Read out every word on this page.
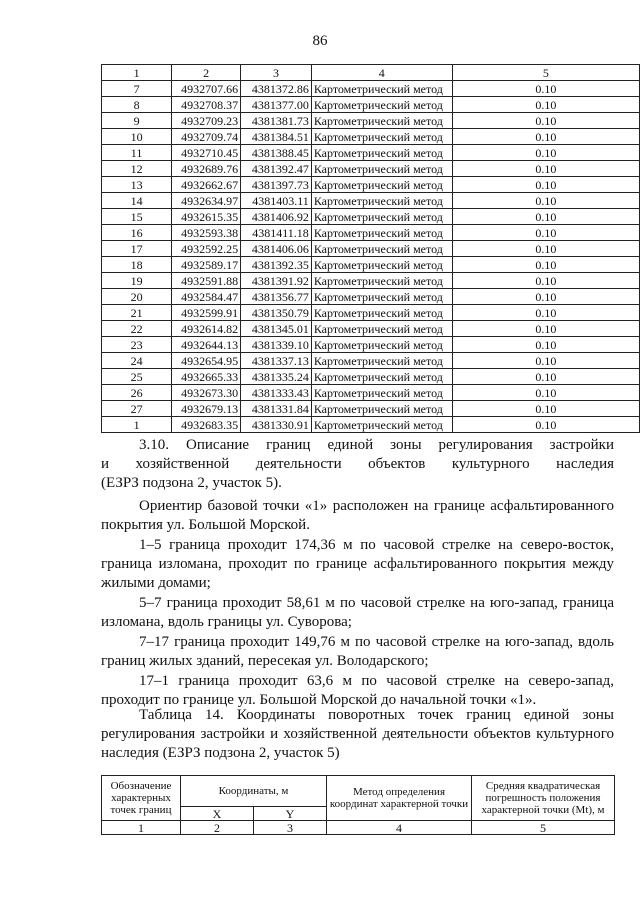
86
1	2	3	4	5
7	4932707.66	4381372.86	Картометрический метод	0.10
8	4932708.37	4381377.00	Картометрический метод	0.10
9	4932709.23	4381381.73	Картометрический метод	0.10
10	4932709.74	4381384.51	Картометрический метод	0.10
11	4932710.45	4381388.45	Картометрический метод	0.10
12	4932689.76	4381392.47	Картометрический метод	0.10
13	4932662.67	4381397.73	Картометрический метод	0.10
14	4932634.97	4381403.11	Картометрический метод	0.10
15	4932615.35	4381406.92	Картометрический метод	0.10
16	4932593.38	4381411.18	Картометрический метод	0.10
17	4932592.25	4381406.06	Картометрический метод	0.10
18	4932589.17	4381392.35	Картометрический метод	0.10
19	4932591.88	4381391.92	Картометрический метод	0.10
20	4932584.47	4381356.77	Картометрический метод	0.10
21	4932599.91	4381350.79	Картометрический метод	0.10
22	4932614.82	4381345.01	Картометрический метод	0.10
23	4932644.13	4381339.10	Картометрический метод	0.10
24	4932654.95	4381337.13	Картометрический метод	0.10
25	4932665.33	4381335.24	Картометрический метод	0.10
26	4932673.30	4381333.43	Картометрический метод	0.10
27	4932679.13	4381331.84	Картометрический метод	0.10
1	4932683.35	4381330.91	Картометрический метод	0.10

3.10. Описание границ единой зоны регулирования застройки

и хозяйственной деятельности объектов культурного наследия

(ЕЗРЗ подзона 2, участок 5).

Ориентир базовой точки «1» расположен на границе асфальтированного покрытия ул. Большой Морской.

1–5 граница проходит 174,36 м по часовой стрелке на северо-восток, граница изломана, проходит по границе асфальтированного покрытия между жилыми домами;

5–7 граница проходит 58,61 м по часовой стрелке на юго-запад, граница изломана, вдоль границы ул. Суворова;

7–17 граница проходит 149,76 м по часовой стрелке на юго-запад, вдоль границ жилых зданий, пересекая ул. Володарского;

17–1 граница проходит 63,6 м по часовой стрелке на северо-запад, проходит по границе ул. Большой Морской до начальной точки «1».

Таблица 14. Координаты поворотных точек границ единой зоны регулирования застройки и хозяйственной деятельности объектов культурного наследия (ЕЗРЗ подзона 2, участок 5)

Обозначение характерных точек границ	Координаты, м		Метод определения координат характерной точки	Средняя квадратическая погрешность положения характерной точки (Mt), м
	X	Y		
1	2	3	4	5
